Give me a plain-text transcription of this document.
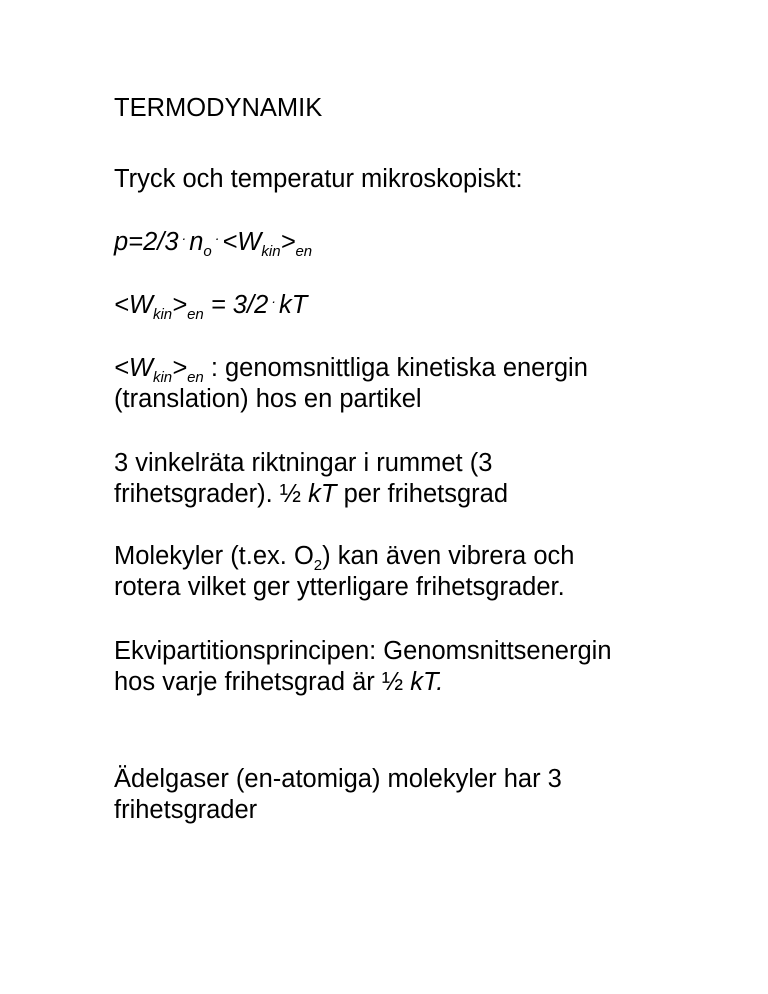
TERMODYNAMIK
Tryck och temperatur mikroskopiskt:
p=2/3 · $n_o^\cdot <W_{kin}>_{en}$
$<W_{kin}>_{en} = 3/2$ · kT
$<W_{kin}>_{en}$ : genomsnittliga kinetiska energin
(translation) hos en partikel
3 vinkelräta riktningar i rummet (3
frihetsgrader). ½ kT per frihetsgrad
Molekyler (t.ex. $O_2$) kan även vibrera och
rotera vilket ger ytterligare frihetsgrader.
Ekvipartitionsprincipen: Genomsnittsenergin
hos varje frihetsgrad är ½ kT.
Ädelgaser (en-atomiga) molekyler har 3
frihetsgrader
